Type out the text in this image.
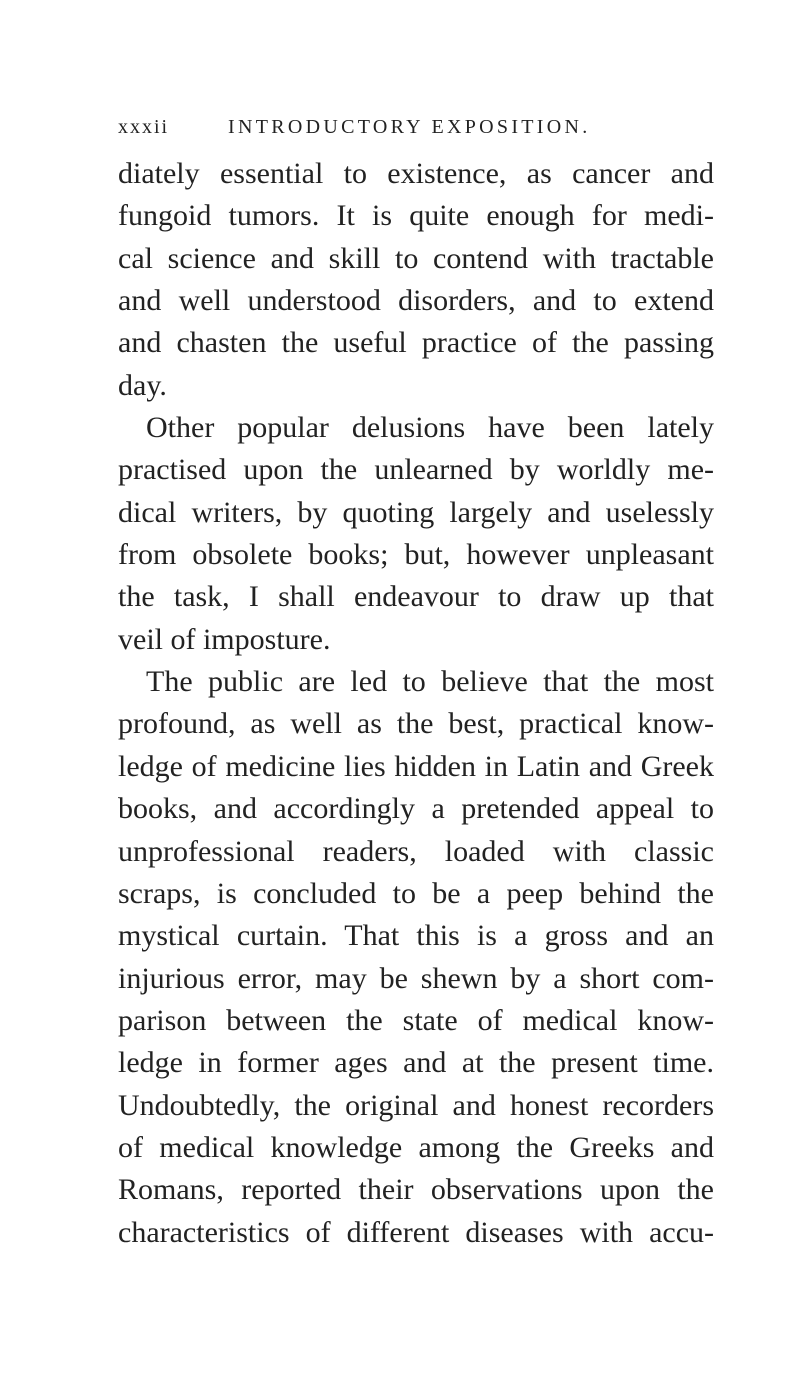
xxxii	INTRODUCTORY EXPOSITION.
diately essential to existence, as cancer and
fungoid tumors. It is quite enough for medi-
cal science and skill to contend with tractable
and well understood disorders, and to extend
and chasten the useful practice of the passing
day.
Other popular delusions have been lately
practised upon the unlearned by worldly me-
dical writers, by quoting largely and uselessly
from obsolete books; but, however unpleasant
the task, I shall endeavour to draw up that
veil of imposture.
The public are led to believe that the most
profound, as well as the best, practical know-
ledge of medicine lies hidden in Latin and Greek
books, and accordingly a pretended appeal to
unprofessional readers, loaded with classic
scraps, is concluded to be a peep behind the
mystical curtain. That this is a gross and an
injurious error, may be shewn by a short com-
parison between the state of medical know-
ledge in former ages and at the present time.
Undoubtedly, the original and honest recorders
of medical knowledge among the Greeks and
Romans, reported their observations upon the
characteristics of different diseases with accu-
